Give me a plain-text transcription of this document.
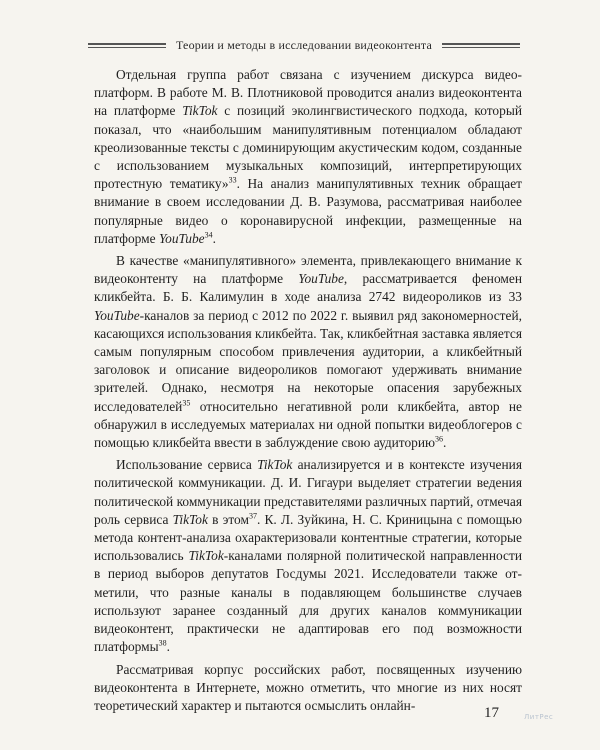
Теории и методы в исследовании видеоконтента

Отдельная группа работ связана с изучением дискурса видеоплатформ. В работе М. В. Плотниковой проводится анализ видеоконтента на платформе TikTok с позиций эколингвистического подхода, который показал, что «наибольшим манипулятивным потенциалом обладают креолизованные тексты с доминирующим акустическим кодом, созданные с использованием музыкальных композиций, интерпретирующих протестную тематику»$^{33}$. На анализ манипулятивных техник обращает внимание в своем исследовании Д. В. Разумова, рассматривая наиболее популярные видео о коронавирусной инфекции, размещенные на платформе YouTube$^{34}$.

В качестве «манипулятивного» элемента, привлекающего внимание к видеоконтенту на платформе YouTube, рассматривается феномен кликбейта. Б. Б. Калимулин в ходе анализа 2742 видеороликов из 33 YouTube-каналов за период с 2012 по 2022 г. выявил ряд закономерностей, касающихся использования кликбейта. Так, кликбейтная заставка является самым популярным способом привлечения аудитории, а кликбейтный заголовок и описание видеороликов помогают удерживать внимание зрителей. Однако, несмотря на некоторые опасения зарубежных исследователей$^{35}$ относительно негативной роли кликбейта, автор не обнаружил в исследуемых материалах ни одной попытки видеоблогеров с помощью кликбейта ввести в заблуждение свою аудиторию$^{36}$.

Использование сервиса TikTok анализируется и в контексте изучения политической коммуникации. Д. И. Гигаури выделяет стратегии ведения политической коммуникации представителями различных партий, отмечая роль сервиса TikTok в этом$^{37}$. К. Л. Зуйкина, Н. С. Криницына с помощью метода контент-анализа охарактеризовали контентные стратегии, которые использовались TikTok-каналами полярной политической направленности в период выборов депутатов Госдумы 2021. Исследователи также отметили, что разные каналы в подавляющем большинстве случаев используют заранее созданный для других каналов коммуникации видеоконтент, практически не адаптировав его под возможности платформы$^{38}$.

Рассматривая корпус российских работ, посвященных изучению видеоконтента в Интернете, можно отметить, что многие из них носят теоретический характер и пытаются осмыслить онлайн-	17	ЛитРес
